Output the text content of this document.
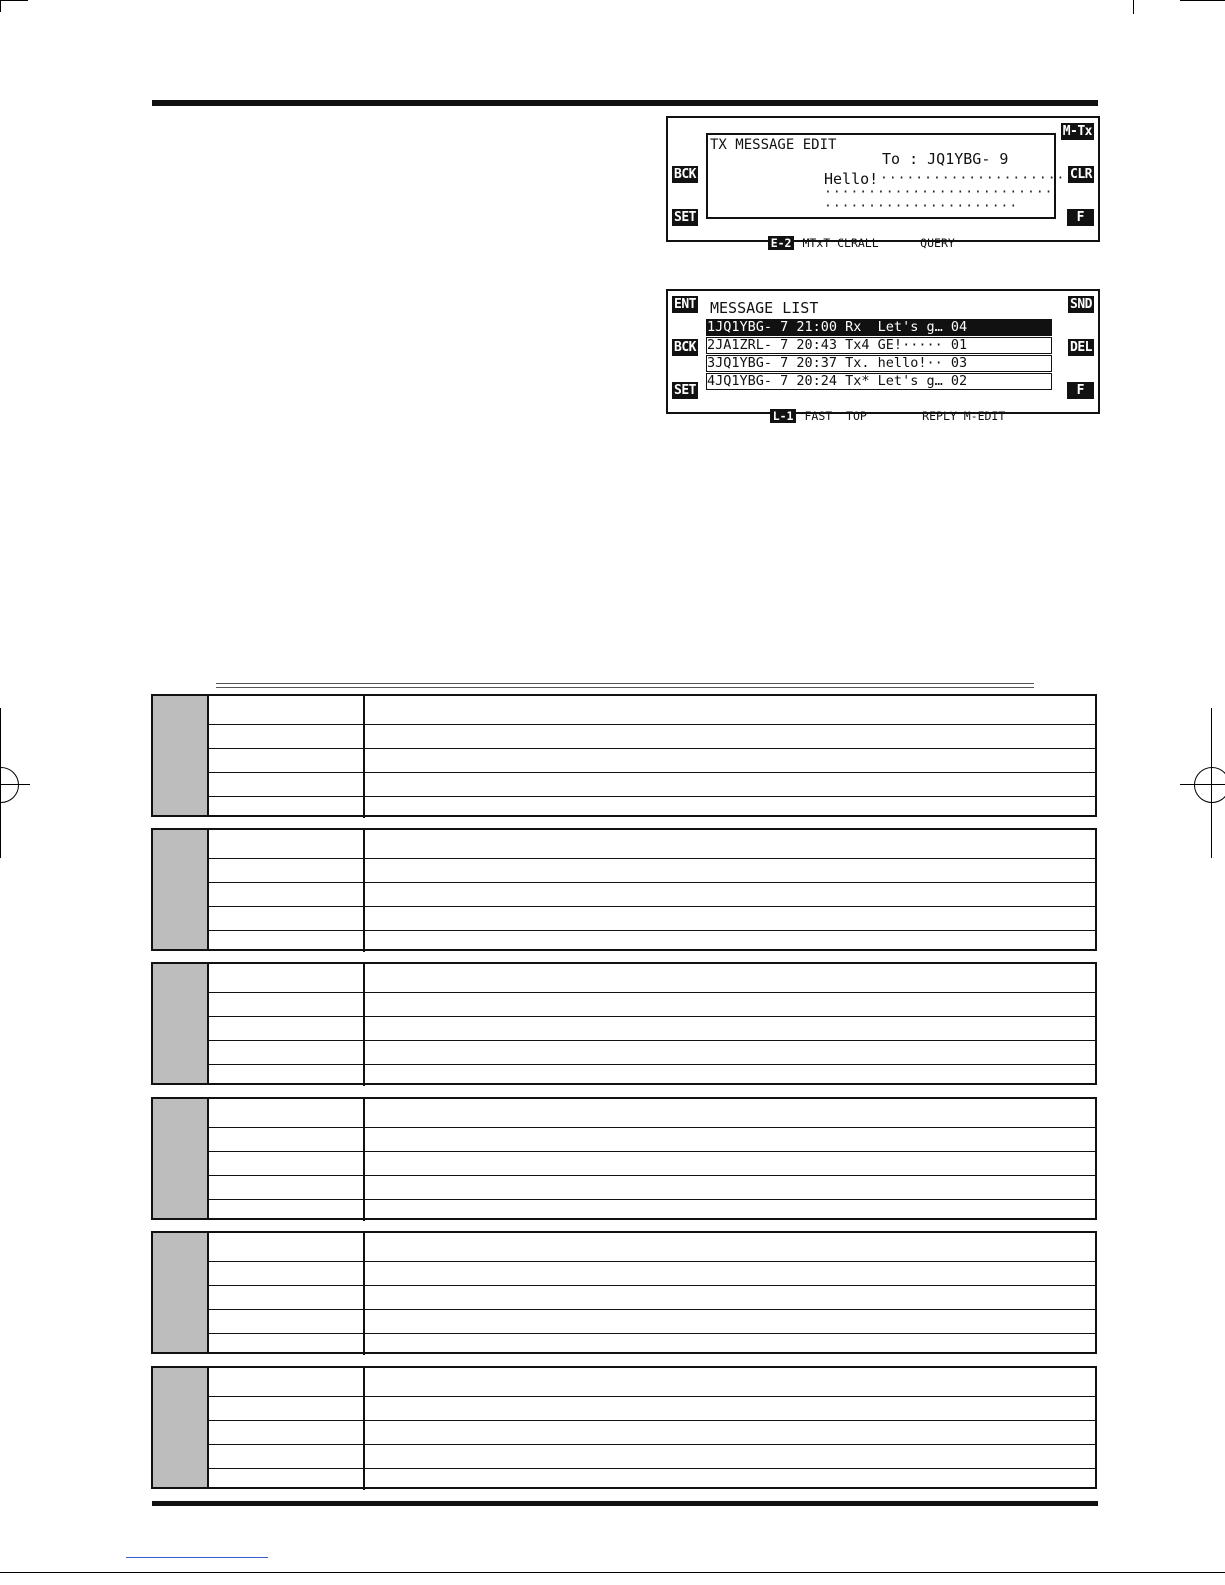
BCK
SET
M-Tx
CLR
F
TX MESSAGE EDIT
To : JQ1YBG- 9
Hello! ·····················
··························
······················

E-2 MTxT CLRALL      QUERY

ENT
BCK
SET
SND
DEL
F
MESSAGE LIST
1JQ1YBG- 7 21:00 Rx  Let's g… 04
2JA1ZRL- 7 20:43 Tx4 GE!····· 01
3JQ1YBG- 7 20:37 Tx. hello!·· 03
4JQ1YBG- 7 20:24 Tx* Let's g… 02

L-1 FAST  TOP        REPLY M-EDIT
